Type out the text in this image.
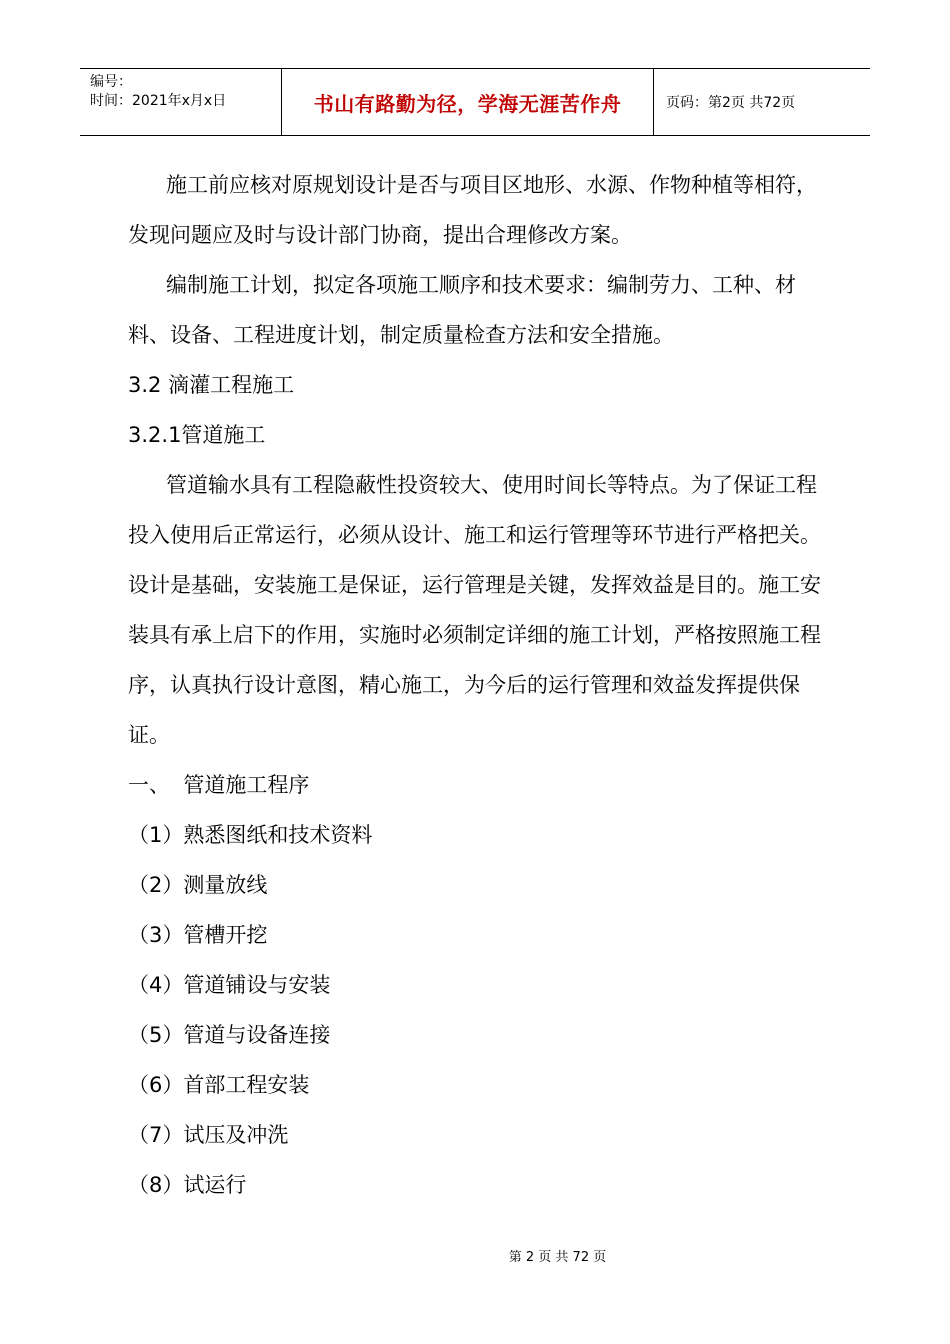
编号：
时间：2021年x月x日	书山有路勤为径，学海无涯苦作舟	页码：第2页 共72页

施工前应核对原规划设计是否与项目区地形、水源、作物种植等相符，发现问题应及时与设计部门协商，提出合理修改方案。

编制施工计划，拟定各项施工顺序和技术要求：编制劳力、工种、材料、设备、工程进度计划，制定质量检查方法和安全措施。

3.2 滴灌工程施工

3.2.1管道施工

管道输水具有工程隐蔽性投资较大、使用时间长等特点。为了保证工程投入使用后正常运行，必须从设计、施工和运行管理等环节进行严格把关。设计是基础，安装施工是保证，运行管理是关键，发挥效益是目的。施工安装具有承上启下的作用，实施时必须制定详细的施工计划，严格按照施工程序，认真执行设计意图，精心施工，为今后的运行管理和效益发挥提供保证。

一、  管道施工程序

（1）熟悉图纸和技术资料

（2）测量放线

（3）管槽开挖

（4）管道铺设与安装

（5）管道与设备连接

（6）首部工程安装

（7）试压及冲洗

（8）试运行

第 2 页 共 72 页
